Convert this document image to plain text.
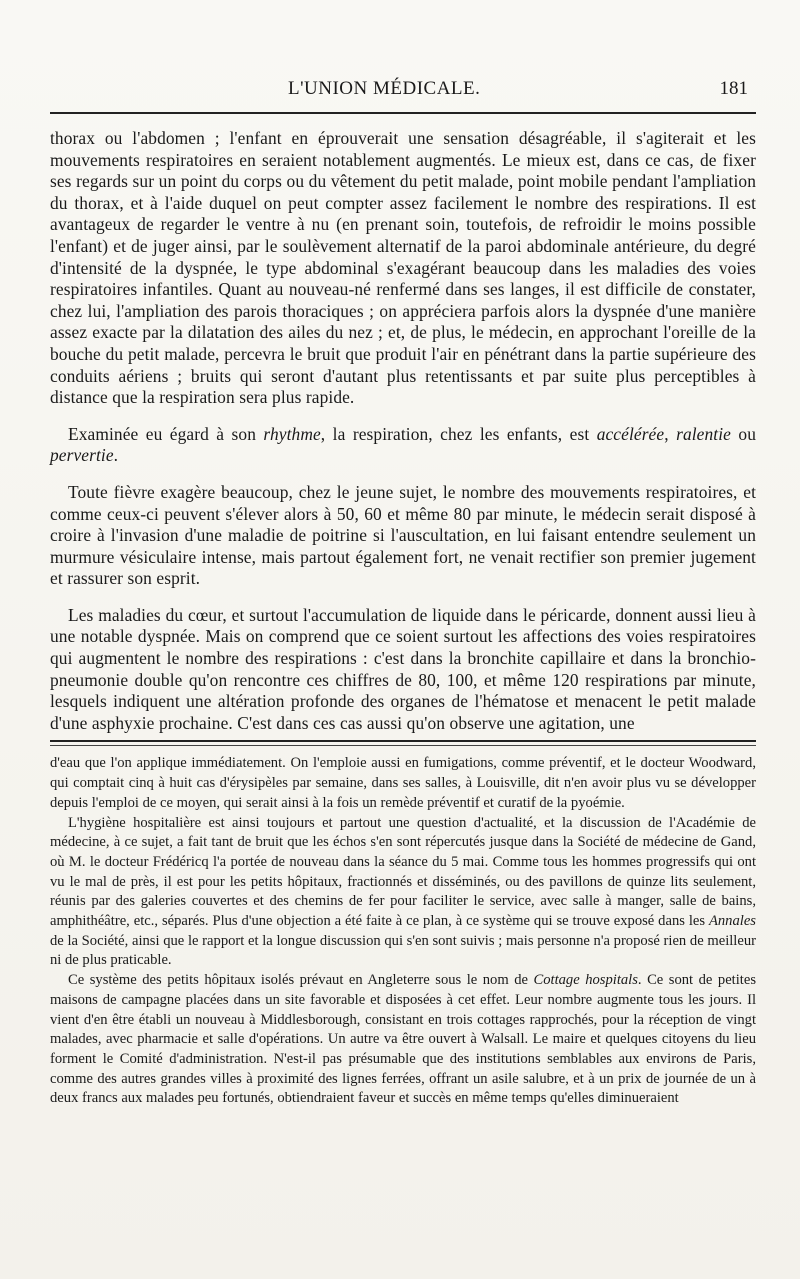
L'UNION MÉDICALE.	181

thorax ou l'abdomen ; l'enfant en éprouverait une sensation désagréable, il s'agiterait et les mouvements respiratoires en seraient notablement augmentés. Le mieux est, dans ce cas, de fixer ses regards sur un point du corps ou du vêtement du petit malade, point mobile pendant l'ampliation du thorax, et à l'aide duquel on peut compter assez facilement le nombre des respirations. Il est avantageux de regarder le ventre à nu (en prenant soin, toutefois, de refroidir le moins possible l'enfant) et de juger ainsi, par le soulèvement alternatif de la paroi abdominale antérieure, du degré d'intensité de la dyspnée, le type abdominal s'exagérant beaucoup dans les maladies des voies respiratoires infantiles. Quant au nouveau-né renfermé dans ses langes, il est difficile de constater, chez lui, l'ampliation des parois thoraciques ; on appréciera parfois alors la dyspnée d'une manière assez exacte par la dilatation des ailes du nez ; et, de plus, le médecin, en approchant l'oreille de la bouche du petit malade, percevra le bruit que produit l'air en pénétrant dans la partie supérieure des conduits aériens ; bruits qui seront d'autant plus retentissants et par suite plus perceptibles à distance que la respiration sera plus rapide.

Examinée eu égard à son rhythme, la respiration, chez les enfants, est accélérée, ralentie ou pervertie.

Toute fièvre exagère beaucoup, chez le jeune sujet, le nombre des mouvements respiratoires, et comme ceux-ci peuvent s'élever alors à 50, 60 et même 80 par minute, le médecin serait disposé à croire à l'invasion d'une maladie de poitrine si l'auscultation, en lui faisant entendre seulement un murmure vésiculaire intense, mais partout également fort, ne venait rectifier son premier jugement et rassurer son esprit.

Les maladies du cœur, et surtout l'accumulation de liquide dans le péricarde, donnent aussi lieu à une notable dyspnée. Mais on comprend que ce soient surtout les affections des voies respiratoires qui augmentent le nombre des respirations : c'est dans la bronchite capillaire et dans la bronchio-pneumonie double qu'on rencontre ces chiffres de 80, 100, et même 120 respirations par minute, lesquels indiquent une altération profonde des organes de l'hématose et menacent le petit malade d'une asphyxie prochaine. C'est dans ces cas aussi qu'on observe une agitation, une

d'eau que l'on applique immédiatement. On l'emploie aussi en fumigations, comme préventif, et le docteur Woodward, qui comptait cinq à huit cas d'érysipèles par semaine, dans ses salles, à Louisville, dit n'en avoir plus vu se développer depuis l'emploi de ce moyen, qui serait ainsi à la fois un remède préventif et curatif de la pyoémie.

L'hygiène hospitalière est ainsi toujours et partout une question d'actualité, et la discussion de l'Académie de médecine, à ce sujet, a fait tant de bruit que les échos s'en sont répercutés jusque dans la Société de médecine de Gand, où M. le docteur Frédéricq l'a portée de nouveau dans la séance du 5 mai. Comme tous les hommes progressifs qui ont vu le mal de près, il est pour les petits hôpitaux, fractionnés et disséminés, ou des pavillons de quinze lits seulement, réunis par des galeries couvertes et des chemins de fer pour faciliter le service, avec salle à manger, salle de bains, amphithéâtre, etc., séparés. Plus d'une objection a été faite à ce plan, à ce système qui se trouve exposé dans les Annales de la Société, ainsi que le rapport et la longue discussion qui s'en sont suivis ; mais personne n'a proposé rien de meilleur ni de plus praticable.

Ce système des petits hôpitaux isolés prévaut en Angleterre sous le nom de Cottage hospitals. Ce sont de petites maisons de campagne placées dans un site favorable et disposées à cet effet. Leur nombre augmente tous les jours. Il vient d'en être établi un nouveau à Middlesborough, consistant en trois cottages rapprochés, pour la réception de vingt malades, avec pharmacie et salle d'opérations. Un autre va être ouvert à Walsall. Le maire et quelques citoyens du lieu forment le Comité d'administration. N'est-il pas présumable que des institutions semblables aux environs de Paris, comme des autres grandes villes à proximité des lignes ferrées, offrant un asile salubre, et à un prix de journée de un à deux francs aux malades peu fortunés, obtiendraient faveur et succès en même temps qu'elles diminueraient
